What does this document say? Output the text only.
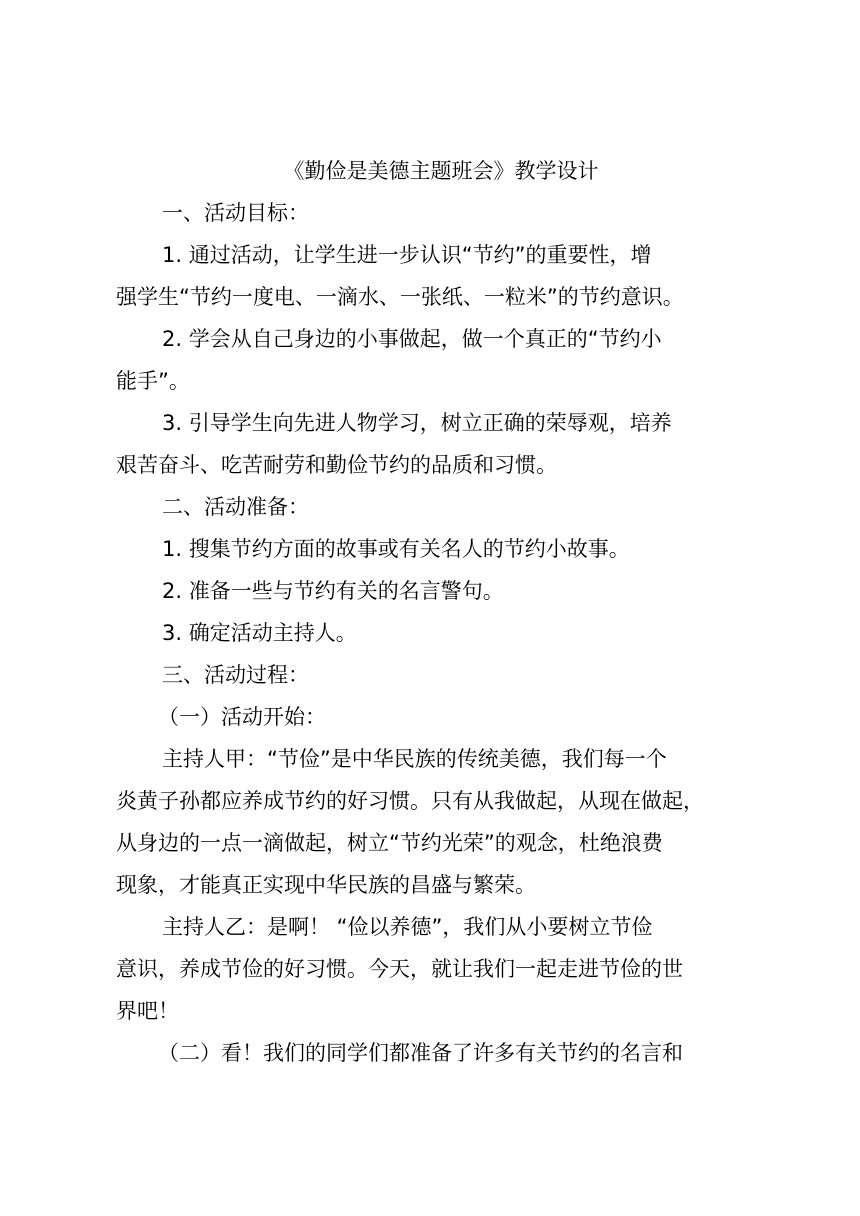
《勤俭是美德主题班会》教学设计

一、活动目标：

1. 通过活动，让学生进一步认识“节约”的重要性，增

强学生“节约一度电、一滴水、一张纸、一粒米”的节约意识。

2. 学会从自己身边的小事做起，做一个真正的“节约小

能手”。

3. 引导学生向先进人物学习，树立正确的荣辱观，培养

艰苦奋斗、吃苦耐劳和勤俭节约的品质和习惯。

二、活动准备：

1. 搜集节约方面的故事或有关名人的节约小故事。

2. 准备一些与节约有关的名言警句。

3. 确定活动主持人。

三、活动过程：

（一）活动开始：

主持人甲：“节俭”是中华民族的传统美德，我们每一个

炎黄子孙都应养成节约的好习惯。只有从我做起，从现在做起，

从身边的一点一滴做起，树立“节约光荣”的观念，杜绝浪费

现象，才能真正实现中华民族的昌盛与繁荣。

主持人乙：是啊！ “俭以养德”，我们从小要树立节俭

意识，养成节俭的好习惯。今天，就让我们一起走进节俭的世

界吧！

（二）看！我们的同学们都准备了许多有关节约的名言和
